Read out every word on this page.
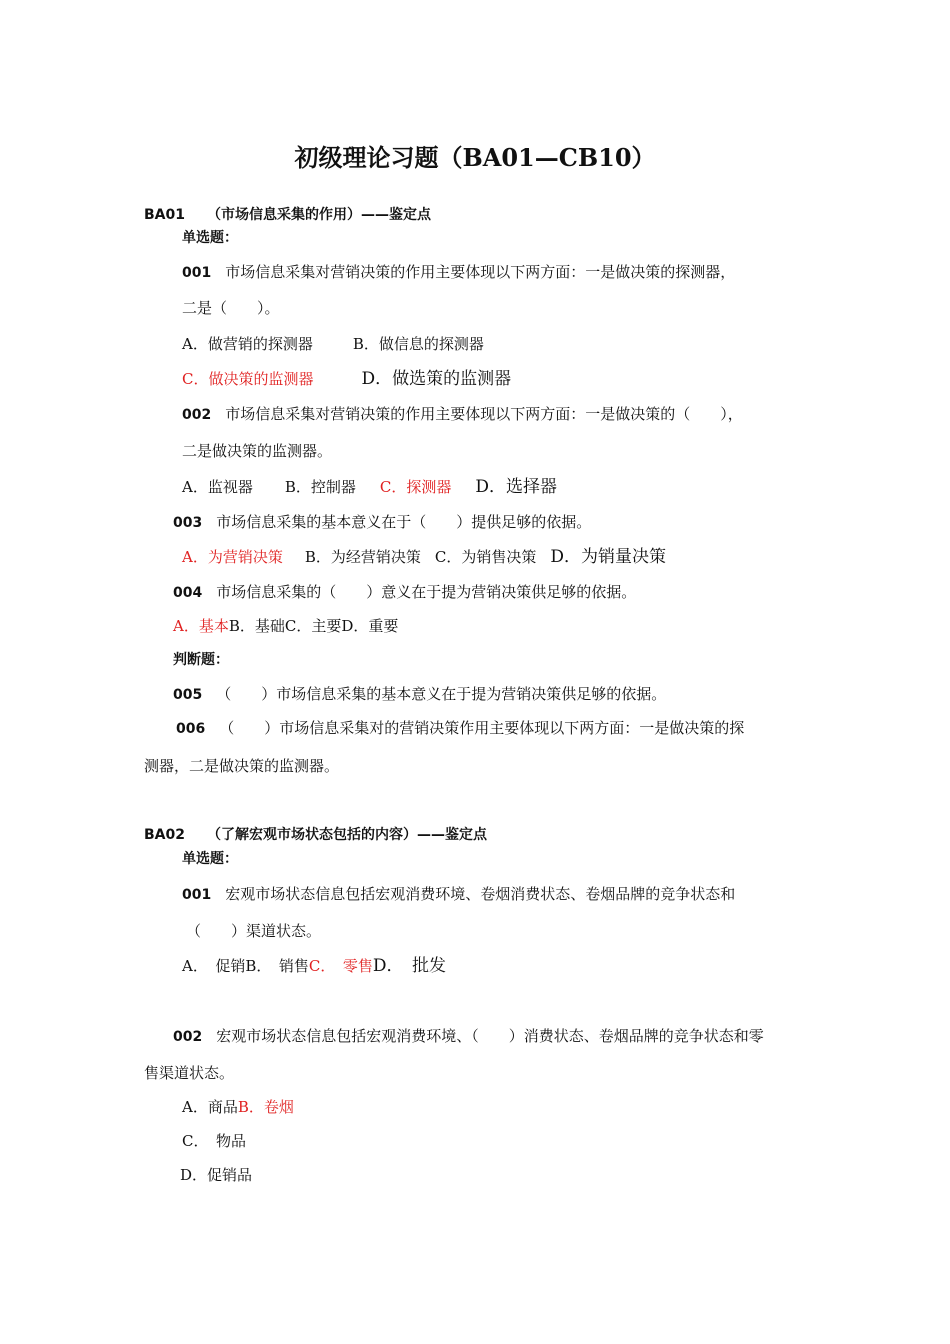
初级理论习题（BA01—CB10）
BA01 （市场信息采集的作用）——鉴定点
单选题：
001 市场信息采集对营销决策的作用主要体现以下两方面：一是做决策的探测器，
二是（　　）。
A．做营销的探测器	B．做信息的探测器
C．做决策的监测器	D．做选策的监测器
002 市场信息采集对营销决策的作用主要体现以下两方面：一是做决策的（　　），
二是做决策的监测器。
A．监视器 B．控制器 C．探测器 D．选择器
003 市场信息采集的基本意义在于（　　）提供足够的依据。
A．为营销决策 B．为经营销决策 C．为销售决策 D．为销量决策
004 市场信息采集的（　　）意义在于提为营销决策供足够的依据。
A．基本B．基础C．主要D．重要
判断题：
005 （　　）市场信息采集的基本意义在于提为营销决策供足够的依据。
006 （　　）市场信息采集对的营销决策作用主要体现以下两方面：一是做决策的探
测器，二是做决策的监测器。
BA02 （了解宏观市场状态包括的内容）——鉴定点
单选题：
001 宏观市场状态信息包括宏观消费环境、卷烟消费状态、卷烟品牌的竞争状态和
（　　）渠道状态。
A．　促销B．　销售C．　零售D．　批发
002 宏观市场状态信息包括宏观消费环境、（　　）消费状态、卷烟品牌的竞争状态和零
售渠道状态。
A．商品B．卷烟
C．　物品
D．促销品
